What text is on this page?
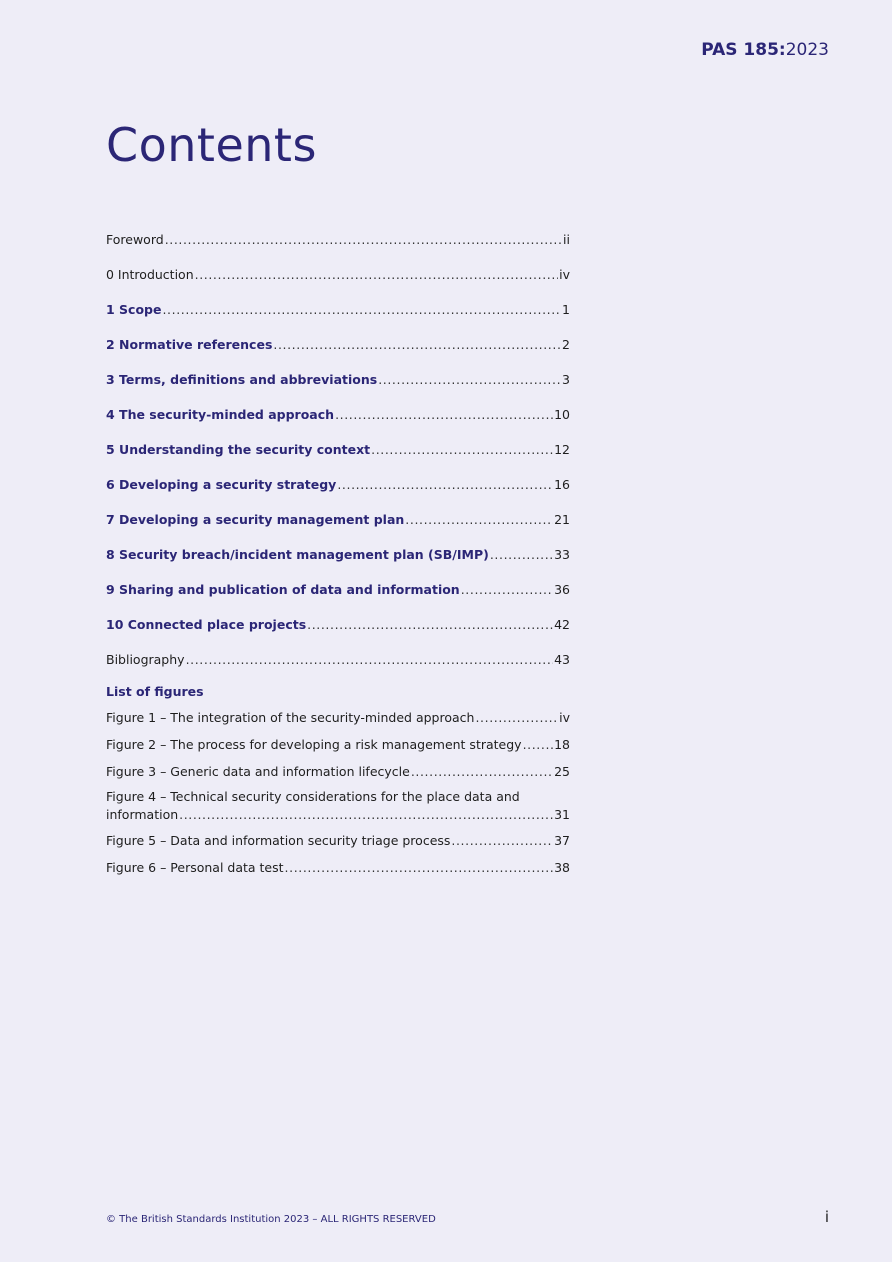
PAS 185:2023
Contents
Foreword .....	ii
0 Introduction .....	iv
1 Scope .....	1
2 Normative references .....	2
3 Terms, definitions and abbreviations .....	3
4 The security-minded approach .....	10
5 Understanding the security context .....	12
6 Developing a security strategy .....	16
7 Developing a security management plan .....	21
8 Security breach/incident management plan (SB/IMP) .....	33
9 Sharing and publication of data and information .....	36
10 Connected place projects .....	42
Bibliography .....	43
List of figures
Figure 1 – The integration of the security-minded approach .....	iv
Figure 2 – The process for developing a risk management strategy .....	18
Figure 3 – Generic data and information lifecycle .....	25
Figure 4 – Technical security considerations for the place data and
information .....	31
Figure 5 – Data and information security triage process .....	37
Figure 6 – Personal data test .....	38
© The British Standards Institution 2023 – ALL RIGHTS RESERVED	i
